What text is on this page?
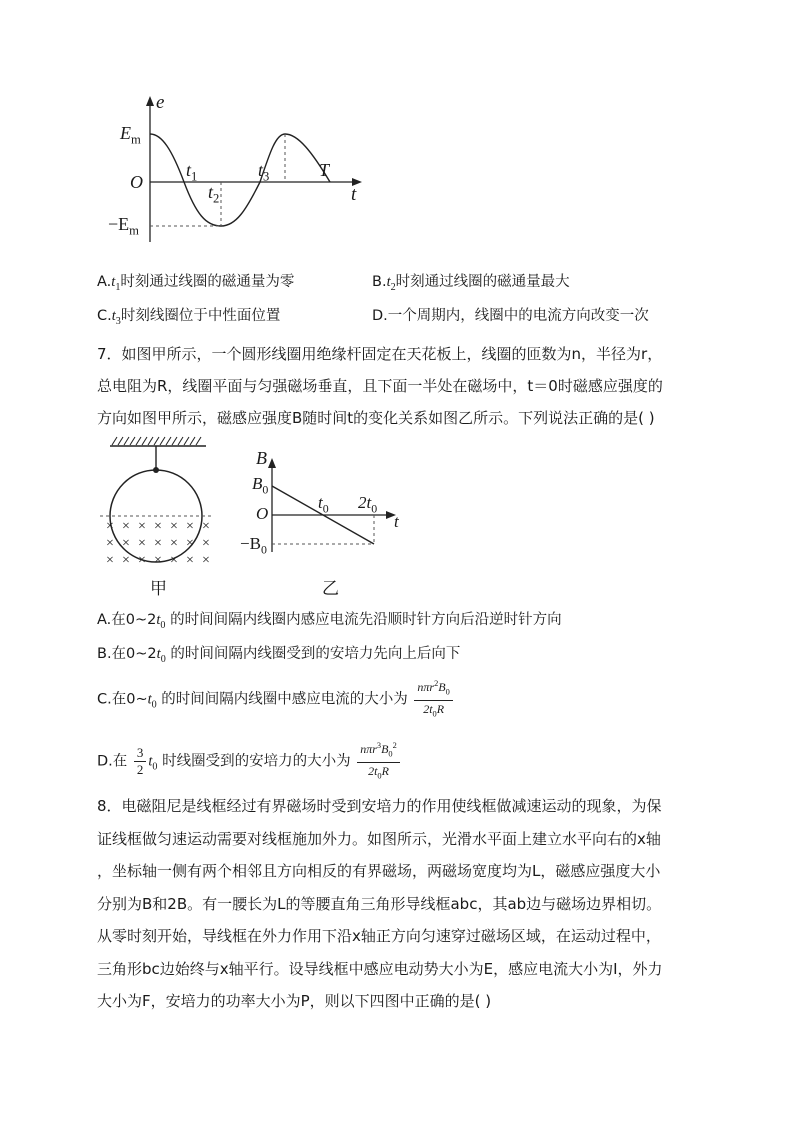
e
$E_m$
O
$t_1$
$t_2$
$t_3$	T
t
$-E_m$
$A.t_1$时刻通过线圈的磁通量为零	$B.t_2$时刻通过线圈的磁通量最大
$C.t_3$时刻线圈位于中性面位置	D.一个周期内，线圈中的电流方向改变一次
7．如图甲所示，一个圆形线圈用绝缘杆固定在天花板上，线圈的匝数为n，半径为r，
总电阻为R，线圈平面与匀强磁场垂直，且下面一半处在磁场中，t＝0时磁感应强度的
方向如图甲所示，磁感应强度B随时间t的变化关系如图乙所示。下列说法正确的是( )
× × × × × × ×
× × × × × × ×
× × × × × × ×
甲
B
$B_0$
O
$t_0$ $2t_0$
t
$-B_0$
乙
A.在$0\sim 2t_0$ 的时间间隔内线圈内感应电流先沿顺时针方向后沿逆时针方向
B.在$0\sim 2t_0$ 的时间间隔内线圈受到的安培力先向上后向下
C.在$0\sim t_0$ 的时间间隔内线圈中感应电流的大小为 $\frac{n\pi r^2B_0}{2t_0R}$
D.在 $\frac{3}{2} t_0$ 时线圈受到的安培力的大小为 $\frac{n\pi r^3B_0^2}{2t_0R}$
8．电磁阻尼是线框经过有界磁场时受到安培力的作用使线框做减速运动的现象，为保
证线框做匀速运动需要对线框施加外力。如图所示，光滑水平面上建立水平向右的x轴
，坐标轴一侧有两个相邻且方向相反的有界磁场，两磁场宽度均为L，磁感应强度大小
分别为B和2B。有一腰长为L的等腰直角三角形导线框abc，其ab边与磁场边界相切。
从零时刻开始，导线框在外力作用下沿x轴正方向匀速穿过磁场区域，在运动过程中，
三角形bc边始终与x轴平行。设导线框中感应电动势大小为E，感应电流大小为I，外力
大小为F，安培力的功率大小为P，则以下四图中正确的是( )
